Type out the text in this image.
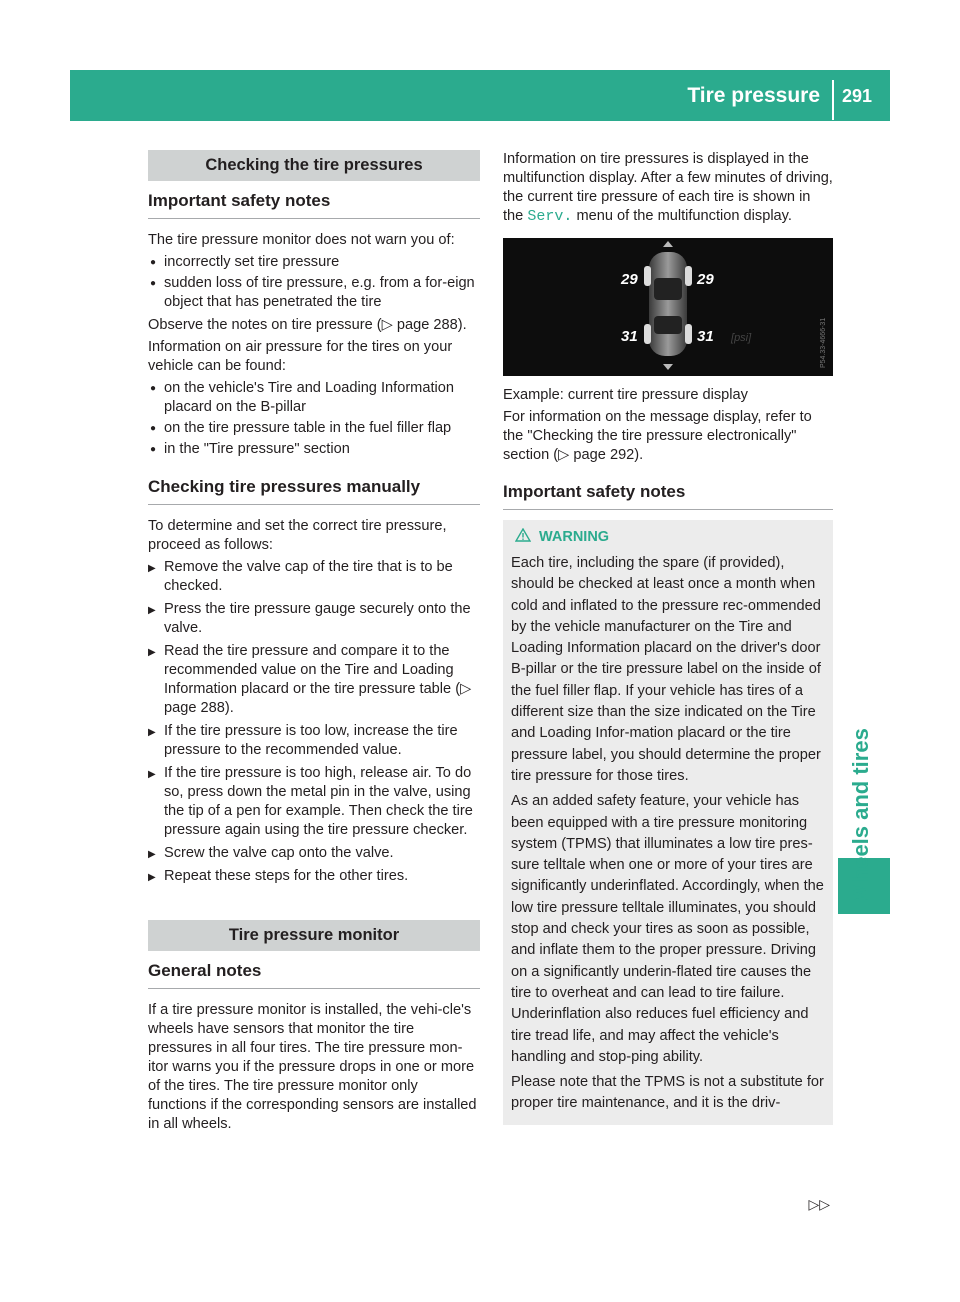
Tire pressure 291
Wheels and tires
Checking the tire pressures
Important safety notes

The tire pressure monitor does not warn you of:

● incorrectly set tire pressure
● sudden loss of tire pressure, e.g. from a for-eign object that has penetrated the tire

Observe the notes on tire pressure (▷ page 288).

Information on air pressure for the tires on your vehicle can be found:

● on the vehicle's Tire and Loading Information placard on the B-pillar
● on the tire pressure table in the fuel filler flap
● in the "Tire pressure" section
Checking tire pressures manually

To determine and set the correct tire pressure, proceed as follows:

▶ Remove the valve cap of the tire that is to be checked.
▶ Press the tire pressure gauge securely onto the valve.
▶ Read the tire pressure and compare it to the recommended value on the Tire and Loading Information placard or the tire pressure table (▷ page 288).
▶ If the tire pressure is too low, increase the tire pressure to the recommended value.
▶ If the tire pressure is too high, release air. To do so, press down the metal pin in the valve, using the tip of a pen for example. Then check the tire pressure again using the tire pressure checker.
▶ Screw the valve cap onto the valve.
▶ Repeat these steps for the other tires.
Tire pressure monitor
General notes

If a tire pressure monitor is installed, the vehi-cle's wheels have sensors that monitor the tire pressures in all four tires. The tire pressure mon-itor warns you if the pressure drops in one or more of the tires. The tire pressure monitor only functions if the corresponding sensors are installed in all wheels.

Information on tire pressures is displayed in the multifunction display. After a few minutes of driving, the current tire pressure of each tire is shown in the Serv. menu of the multifunction display.

29	29
31	31 [psi]	P54.33-4666-31

Example: current tire pressure display

For information on the message display, refer to the "Checking the tire pressure electronically" section (▷ page 292).

Important safety notes
WARNING

Each tire, including the spare (if provided), should be checked at least once a month when cold and inflated to the pressure rec-ommended by the vehicle manufacturer on the Tire and Loading Information placard on the driver's door B-pillar or the tire pressure label on the inside of the fuel filler flap. If your vehicle has tires of a different size than the size indicated on the Tire and Loading Infor-mation placard or the tire pressure label, you should determine the proper tire pressure for those tires.

As an added safety feature, your vehicle has been equipped with a tire pressure monitoring system (TPMS) that illuminates a low tire pres-sure telltale when one or more of your tires are significantly underinflated. Accordingly, when the low tire pressure telltale illuminates, you should stop and check your tires as soon as possible, and inflate them to the proper pressure. Driving on a significantly underin-flated tire causes the tire to overheat and can lead to tire failure. Underinflation also reduces fuel efficiency and tire tread life, and may affect the vehicle's handling and stop-ping ability.

Please note that the TPMS is not a substitute for proper tire maintenance, and it is the driv-

▷▷
